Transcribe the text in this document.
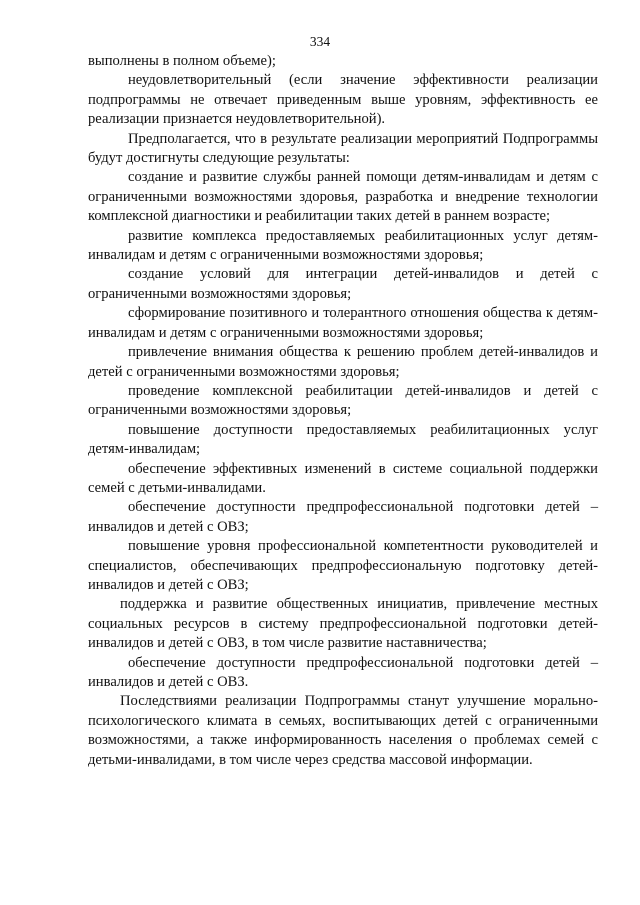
334

выполнены в полном объеме);

неудовлетворительный (если значение эффективности реализации подпрограммы не отвечает приведенным выше уровням, эффективность ее реализации признается неудовлетворительной).

Предполагается, что в результате реализации мероприятий Подпрограммы будут достигнуты следующие результаты:

создание и развитие службы ранней помощи детям-инвалидам и детям с ограниченными возможностями здоровья, разработка и внедрение технологии комплексной диагностики и реабилитации таких детей в раннем возрасте;

развитие комплекса предоставляемых реабилитационных услуг детям-инвалидам и детям с ограниченными возможностями здоровья;

создание условий для интеграции детей-инвалидов и детей с ограниченными возможностями здоровья;

сформирование позитивного и толерантного отношения общества к детям-инвалидам и детям с ограниченными возможностями здоровья;

привлечение внимания общества к решению проблем детей-инвалидов и детей с ограниченными возможностями здоровья;

проведение комплексной реабилитации детей-инвалидов и детей с ограниченными возможностями здоровья;

повышение доступности предоставляемых реабилитационных услуг детям-инвалидам;

обеспечение эффективных изменений в системе социальной поддержки семей с детьми-инвалидами.

обеспечение доступности предпрофессиональной подготовки детей – инвалидов и детей с ОВЗ;

повышение уровня профессиональной компетентности руководителей и специалистов, обеспечивающих предпрофессиональную подготовку детей-инвалидов и детей с ОВЗ;

поддержка и развитие общественных инициатив, привлечение местных социальных ресурсов в систему предпрофессиональной подготовки детей-инвалидов и детей с ОВЗ, в том числе развитие наставничества;

обеспечение доступности предпрофессиональной подготовки детей – инвалидов и детей с ОВЗ.

Последствиями реализации Подпрограммы станут улучшение морально-психологического климата в семьях, воспитывающих детей с ограниченными возможностями, а также информированность населения о проблемах семей с детьми-инвалидами, в том числе через средства массовой информации.
